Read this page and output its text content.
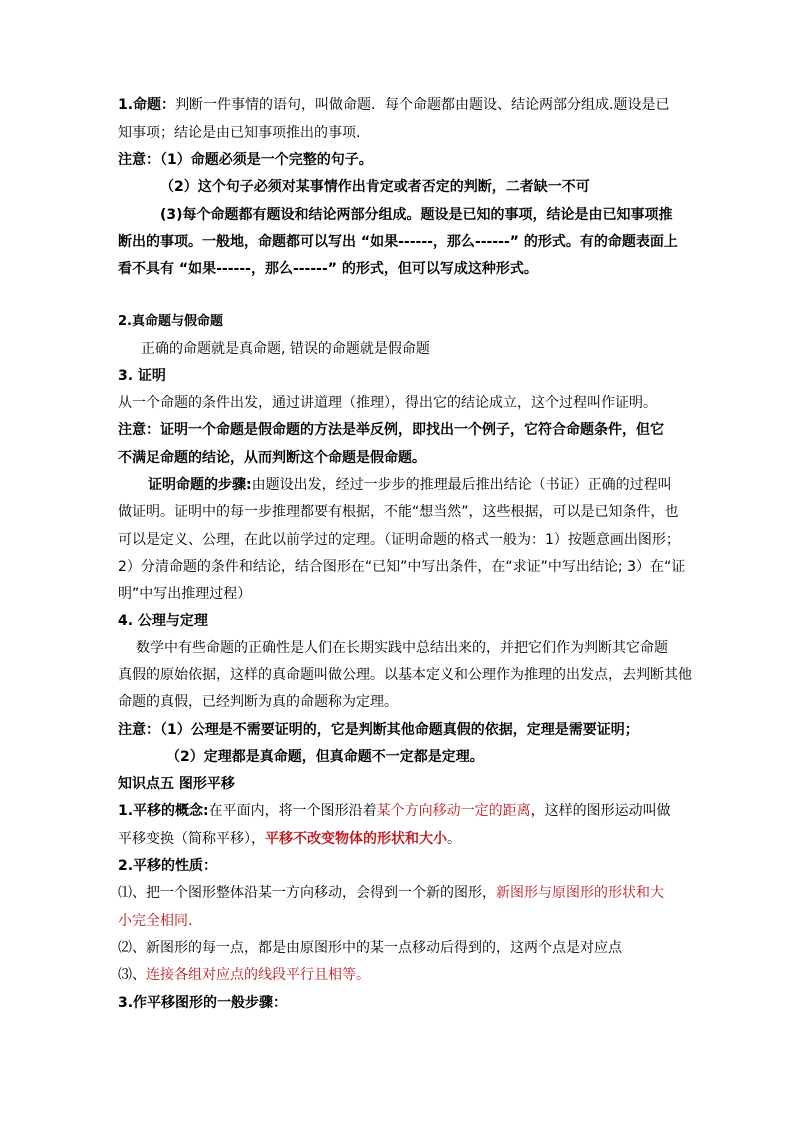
1.命题：判断一件事情的语句，叫做命题．每个命题都由题设、结论两部分组成.题设是已
知事项；结论是由已知事项推出的事项.
注意：（1）命题必须是一个完整的句子。
（2）这个句子必须对某事情作出肯定或者否定的判断，二者缺一不可
(3)每个命题都有题设和结论两部分组成。题设是已知的事项，结论是由已知事项推
断出的事项。一般地，命题都可以写出 “如果------，那么------” 的形式。有的命题表面上
看不具有 “如果------，那么------” 的形式，但可以写成这种形式。
2.真命题与假命题
正确的命题就是真命题, 错误的命题就是假命题
3. 证明
从一个命题的条件出发，通过讲道理（推理），得出它的结论成立，这个过程叫作证明。
注意：证明一个命题是假命题的方法是举反例，即找出一个例子，它符合命题条件，但它
不满足命题的结论，从而判断这个命题是假命题。
证明命题的步骤:由题设出发，经过一步步的推理最后推出结论（书证）正确的过程叫
做证明。证明中的每一步推理都要有根据，不能“想当然”，这些根据，可以是已知条件，也
可以是定义、公理，在此以前学过的定理。（证明命题的格式一般为：1）按题意画出图形；
2）分清命题的条件和结论，结合图形在“已知”中写出条件，在“求证”中写出结论; 3）在“证
明”中写出推理过程）
4. 公理与定理
数学中有些命题的正确性是人们在长期实践中总结出来的，并把它们作为判断其它命题
真假的原始依据，这样的真命题叫做公理。以基本定义和公理作为推理的出发点，去判断其他
命题的真假，已经判断为真的命题称为定理。
注意：（1）公理是不需要证明的，它是判断其他命题真假的依据，定理是需要证明；
（2）定理都是真命题，但真命题不一定都是定理。
知识点五 图形平移
1.平移的概念:在平面内，将一个图形沿着某个方向移动一定的距离，这样的图形运动叫做
平移变换（简称平移），平移不改变物体的形状和大小。
2.平移的性质：
⑴、把一个图形整体沿某一方向移动，会得到一个新的图形，新图形与原图形的形状和大
小完全相同.
⑵、新图形的每一点，都是由原图形中的某一点移动后得到的，这两个点是对应点
⑶、连接各组对应点的线段平行且相等。
3.作平移图形的一般步骤：
